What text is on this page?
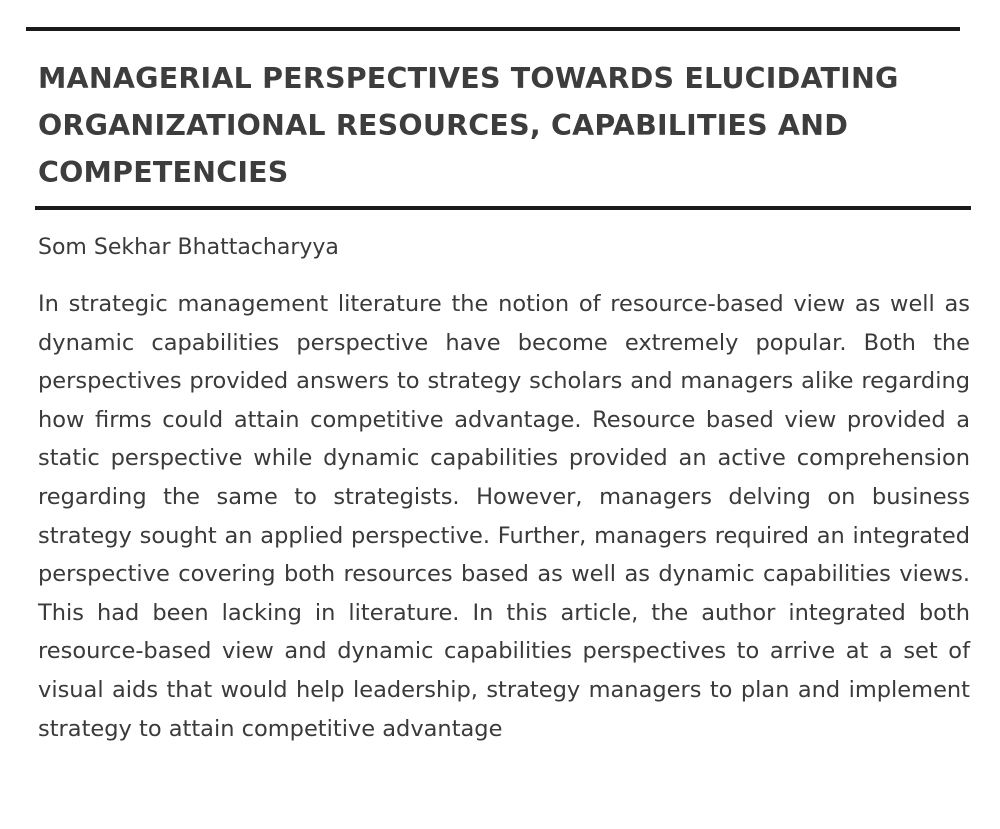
MANAGERIAL PERSPECTIVES TOWARDS ELUCIDATING ORGANIZATIONAL RESOURCES, CAPABILITIES AND COMPETENCIES
Som Sekhar Bhattacharyya

In strategic management literature the notion of resource-based view as well as dynamic capabilities perspective have become extremely popular. Both the perspectives provided answers to strategy scholars and managers alike regarding how firms could attain competitive advantage. Resource based view provided a static perspective while dynamic capabilities provided an active comprehension regarding the same to strategists. However, managers delving on business strategy sought an applied perspective. Further, managers required an integrated perspective covering both resources based as well as dynamic capabilities views. This had been lacking in literature. In this article, the author integrated both resource-based view and dynamic capabilities perspectives to arrive at a set of visual aids that would help leadership, strategy managers to plan and implement strategy to attain competitive advantage
